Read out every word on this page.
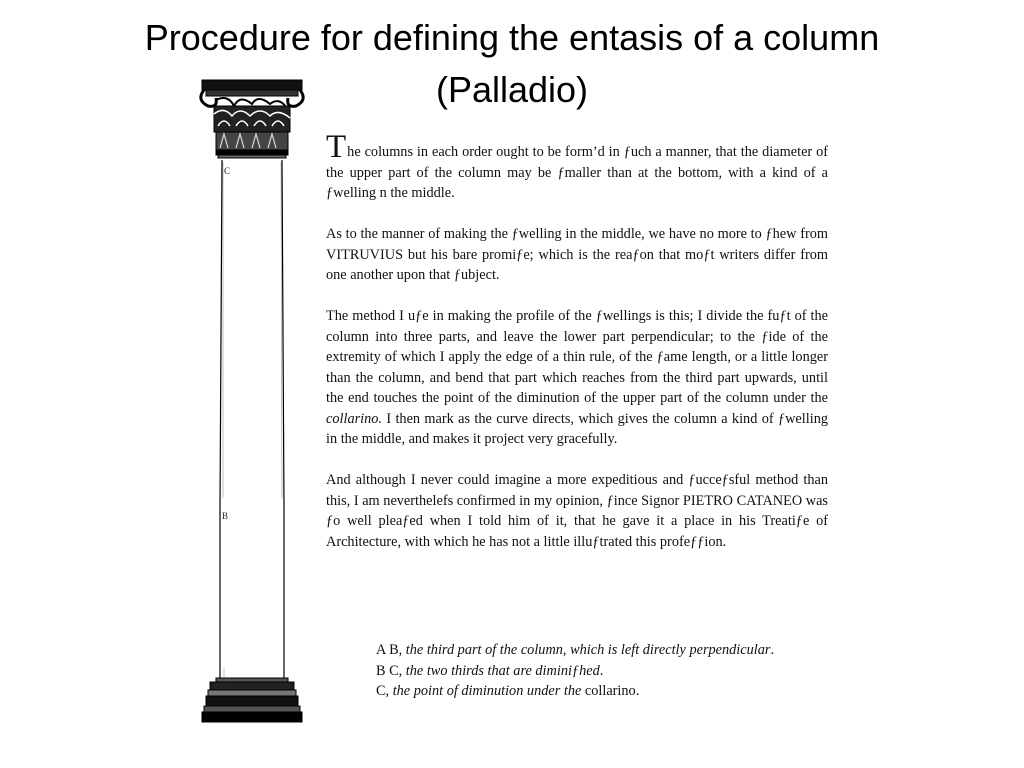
Procedure for defining the entasis of a column
(Palladio)
C
B
A

The columns in each order ought to be form’d in ƒuch a manner, that the diameter of the upper part of the column may be ƒmaller than at the bottom, with a kind of a ƒwelling n the middle.

As to the manner of making the ƒwelling in the middle, we have no more to ƒhew from VITRUVIUS but his bare promiƒe; which is the reaƒon that moƒt writers differ from one another upon that ƒubject.

The method I uƒe in making the profile of the ƒwellings is this; I divide the fuƒt of the column into three parts, and leave the lower part perpendicular; to the ƒide of the extremity of which I apply the edge of a thin rule, of the ƒame length, or a little longer than the column, and bend that part which reaches from the third part upwards, until the end touches the point of the diminution of the upper part of the column under the collarino. I then mark as the curve directs, which gives the column a kind of ƒwelling in the middle, and makes it project very gracefully.

And although I never could imagine a more expeditious and ƒucceƒsful method than this, I am neverthelefs confirmed in my opinion, ƒince Signor PIETRO CATANEO was ƒo well pleaƒed when I told him of it, that he gave it a place in his Treatiƒe of Architecture, with which he has not a little illuƒtrated this profeƒƒion.

A B, the third part of the column, which is left directly perpendicular.
B C, the two thirds that are diminiƒhed.
C, the point of diminution under the collarino.
